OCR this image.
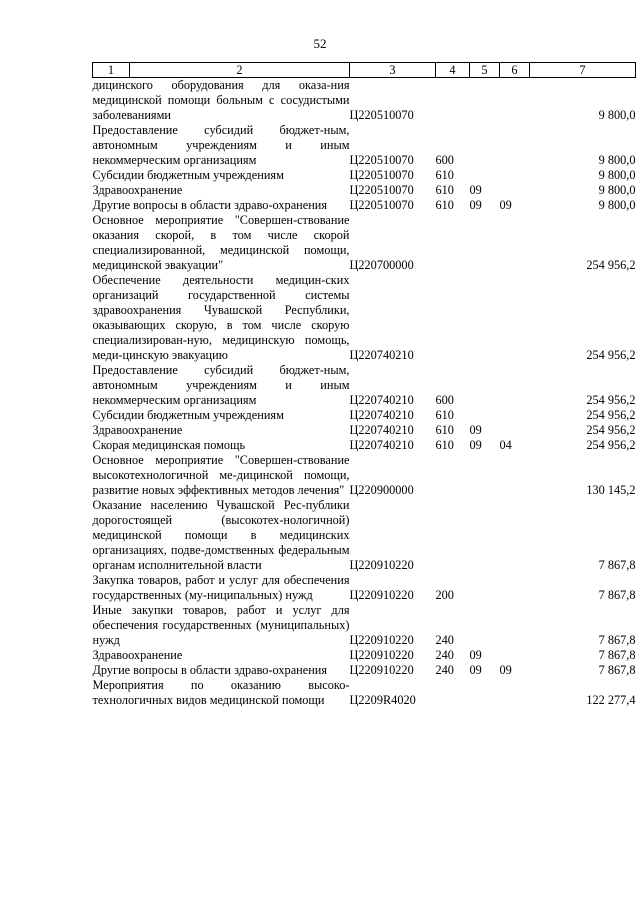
52
1	2	3	4	5	6	7
дицинского оборудования для оказа-ния медицинской помощи больным с сосудистыми заболеваниями		Ц220510070				9 800,0
Предоставление субсидий бюджет-ным, автономным учреждениям и иным некоммерческим организациям		Ц220510070	600			9 800,0
Субсидии бюджетным учреждениям		Ц220510070	610			9 800,0
Здравоохранение		Ц220510070	610	09		9 800,0
Другие вопросы в области здраво-охранения		Ц220510070	610	09	09	9 800,0
Основное мероприятие "Совершен-ствование оказания скорой, в том числе скорой специализированной, медицинской помощи, медицинской эвакуации"		Ц220700000				254 956,2
Обеспечение деятельности медицин-ских организаций государственной системы здравоохранения Чувашской Республики, оказывающих скорую, в том числе скорую специализирован-ную, медицинскую помощь, меди-цинскую эвакуацию		Ц220740210				254 956,2
Предоставление субсидий бюджет-ным, автономным учреждениям и иным некоммерческим организациям		Ц220740210	600			254 956,2
Субсидии бюджетным учреждениям		Ц220740210	610			254 956,2
Здравоохранение		Ц220740210	610	09		254 956,2
Скорая медицинская помощь		Ц220740210	610	09	04	254 956,2
Основное мероприятие "Совершен-ствование высокотехнологичной ме-дицинской помощи, развитие новых эффективных методов лечения"		Ц220900000				130 145,2
Оказание населению Чувашской Рес-публики дорогостоящей (высокотех-нологичной) медицинской помощи в медицинских организациях, подве-домственных федеральным органам исполнительной власти		Ц220910220				7 867,8
Закупка товаров, работ и услуг для обеспечения государственных (му-ниципальных) нужд		Ц220910220	200			7 867,8
Иные закупки товаров, работ и услуг для обеспечения государственных (муниципальных) нужд		Ц220910220	240			7 867,8
Здравоохранение		Ц220910220	240	09		7 867,8
Другие вопросы в области здраво-охранения		Ц220910220	240	09	09	7 867,8
Мероприятия по оказанию высоко-технологичных видов медицинской помощи		Ц2209R4020				122 277,4
